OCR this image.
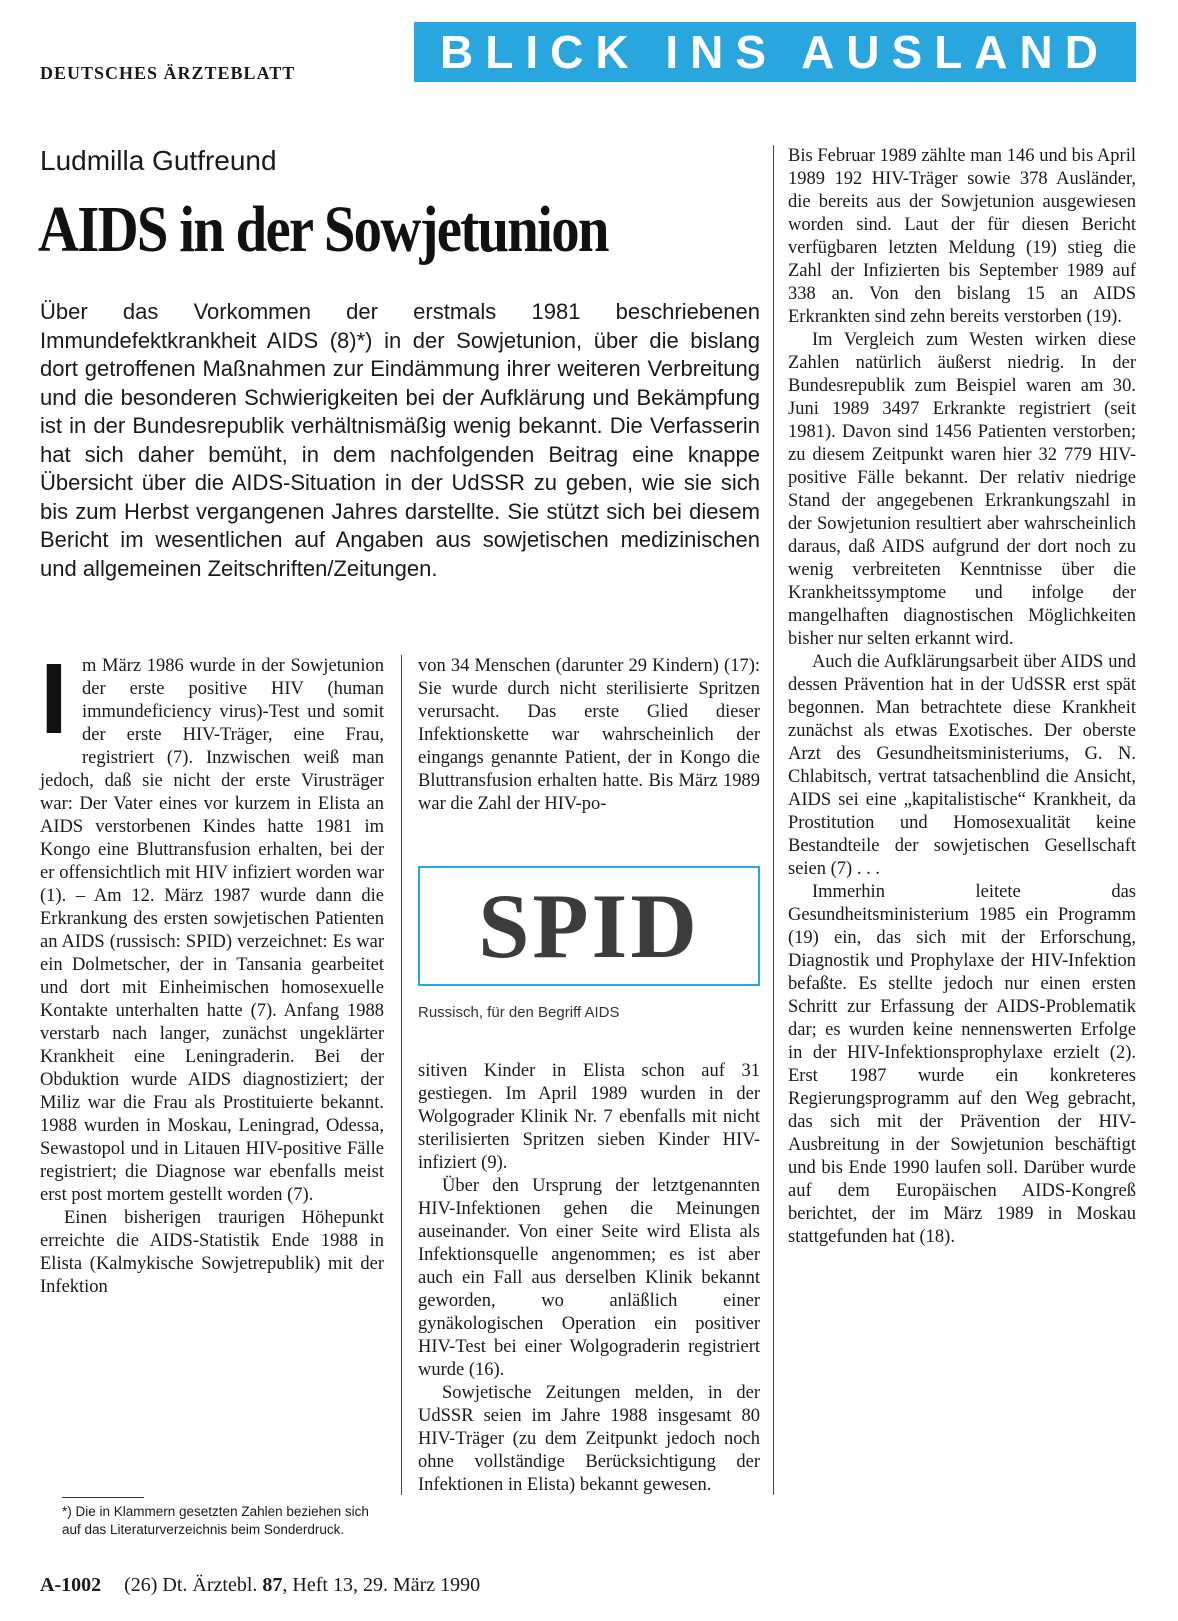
DEUTSCHES ÄRZTEBLATT	BLICK INS AUSLAND
Ludmilla Gutfreund
AIDS in der Sowjetunion
Über das Vorkommen der erstmals 1981 beschriebenen Immundefektkrankheit AIDS (8)*) in der Sowjetunion, über die bislang dort getroffenen Maßnahmen zur Eindämmung ihrer weiteren Verbreitung und die besonderen Schwierigkeiten bei der Aufklärung und Bekämpfung ist in der Bundesrepublik verhältnismäßig wenig bekannt. Die Verfasserin hat sich daher bemüht, in dem nachfolgenden Beitrag eine knappe Übersicht über die AIDS-Situation in der UdSSR zu geben, wie sie sich bis zum Herbst vergangenen Jahres darstellte. Sie stützt sich bei diesem Bericht im wesentlichen auf Angaben aus sowjetischen medizinischen und allgemeinen Zeitschriften/Zeitungen.
I m März 1986 wurde in der Sowjetunion der erste positive HIV (human immundeficiency virus)-Test und somit der erste HIV-Träger, eine Frau, registriert (7). Inzwischen weiß man jedoch, daß sie nicht der erste Virusträger war: Der Vater eines vor kurzem in Elista an AIDS verstorbenen Kindes hatte 1981 im Kongo eine Bluttransfusion erhalten, bei der er offensichtlich mit HIV infiziert worden war (1). – Am 12. März 1987 wurde dann die Erkrankung des ersten sowjetischen Patienten an AIDS (russisch: SPID) verzeichnet: Es war ein Dolmetscher, der in Tansania gearbeitet und dort mit Einheimischen homosexuelle Kontakte unterhalten hatte (7). Anfang 1988 verstarb nach langer, zunächst ungeklärter Krankheit eine Leningraderin. Bei der Obduktion wurde AIDS diagnostiziert; der Miliz war die Frau als Prostituierte bekannt. 1988 wurden in Moskau, Leningrad, Odessa, Sewastopol und in Litauen HIV-positive Fälle registriert; die Diagnose war ebenfalls meist erst post mortem gestellt worden (7).

Einen bisherigen traurigen Höhepunkt erreichte die AIDS-Statistik Ende 1988 in Elista (Kalmykische Sowjetrepublik) mit der Infektion

von 34 Menschen (darunter 29 Kindern) (17): Sie wurde durch nicht sterilisierte Spritzen verursacht. Das erste Glied dieser Infektionskette war wahrscheinlich der eingangs genannte Patient, der in Kongo die Bluttransfusion erhalten hatte. Bis März 1989 war die Zahl der HIV-po-

SPID
Russisch, für den Begriff AIDS

sitiven Kinder in Elista schon auf 31 gestiegen. Im April 1989 wurden in der Wolgograder Klinik Nr. 7 ebenfalls mit nicht sterilisierten Spritzen sieben Kinder HIV-infiziert (9).

Über den Ursprung der letztgenannten HIV-Infektionen gehen die Meinungen auseinander. Von einer Seite wird Elista als Infektionsquelle angenommen; es ist aber auch ein Fall aus derselben Klinik bekannt geworden, wo anläßlich einer gynäkologischen Operation ein positiver HIV-Test bei einer Wolgograderin registriert wurde (16).

Sowjetische Zeitungen melden, in der UdSSR seien im Jahre 1988 insgesamt 80 HIV-Träger (zu dem Zeitpunkt jedoch noch ohne vollständige Berücksichtigung der Infektionen in Elista) bekannt gewesen.

Bis Februar 1989 zählte man 146 und bis April 1989 192 HIV-Träger sowie 378 Ausländer, die bereits aus der Sowjetunion ausgewiesen worden sind. Laut der für diesen Bericht verfügbaren letzten Meldung (19) stieg die Zahl der Infizierten bis September 1989 auf 338 an. Von den bislang 15 an AIDS Erkrankten sind zehn bereits verstorben (19).

Im Vergleich zum Westen wirken diese Zahlen natürlich äußerst niedrig. In der Bundesrepublik zum Beispiel waren am 30. Juni 1989 3497 Erkrankte registriert (seit 1981). Davon sind 1456 Patienten verstorben; zu diesem Zeitpunkt waren hier 32 779 HIV-positive Fälle bekannt. Der relativ niedrige Stand der angegebenen Erkrankungszahl in der Sowjetunion resultiert aber wahrscheinlich daraus, daß AIDS aufgrund der dort noch zu wenig verbreiteten Kenntnisse über die Krankheitssymptome und infolge der mangelhaften diagnostischen Möglichkeiten bisher nur selten erkannt wird.

Auch die Aufklärungsarbeit über AIDS und dessen Prävention hat in der UdSSR erst spät begonnen. Man betrachtete diese Krankheit zunächst als etwas Exotisches. Der oberste Arzt des Gesundheitsministeriums, G. N. Chlabitsch, vertrat tatsachenblind die Ansicht, AIDS sei eine „kapitalistische“ Krankheit, da Prostitution und Homosexualität keine Bestandteile der sowjetischen Gesellschaft seien (7) . . .

Immerhin leitete das Gesundheitsministerium 1985 ein Programm (19) ein, das sich mit der Erforschung, Diagnostik und Prophylaxe der HIV-Infektion befaßte. Es stellte jedoch nur einen ersten Schritt zur Erfassung der AIDS-Problematik dar; es wurden keine nennenswerten Erfolge in der HIV-Infektionsprophylaxe erzielt (2). Erst 1987 wurde ein konkreteres Regierungsprogramm auf den Weg gebracht, das sich mit der Prävention der HIV-Ausbreitung in der Sowjetunion beschäftigt und bis Ende 1990 laufen soll. Darüber wurde auf dem Europäischen AIDS-Kongreß berichtet, der im März 1989 in Moskau stattgefunden hat (18).

*) Die in Klammern gesetzten Zahlen beziehen sich auf das Literaturverzeichnis beim Sonderdruck.
A-1002 (26) Dt. Ärztebl. 87, Heft 13, 29. März 1990
